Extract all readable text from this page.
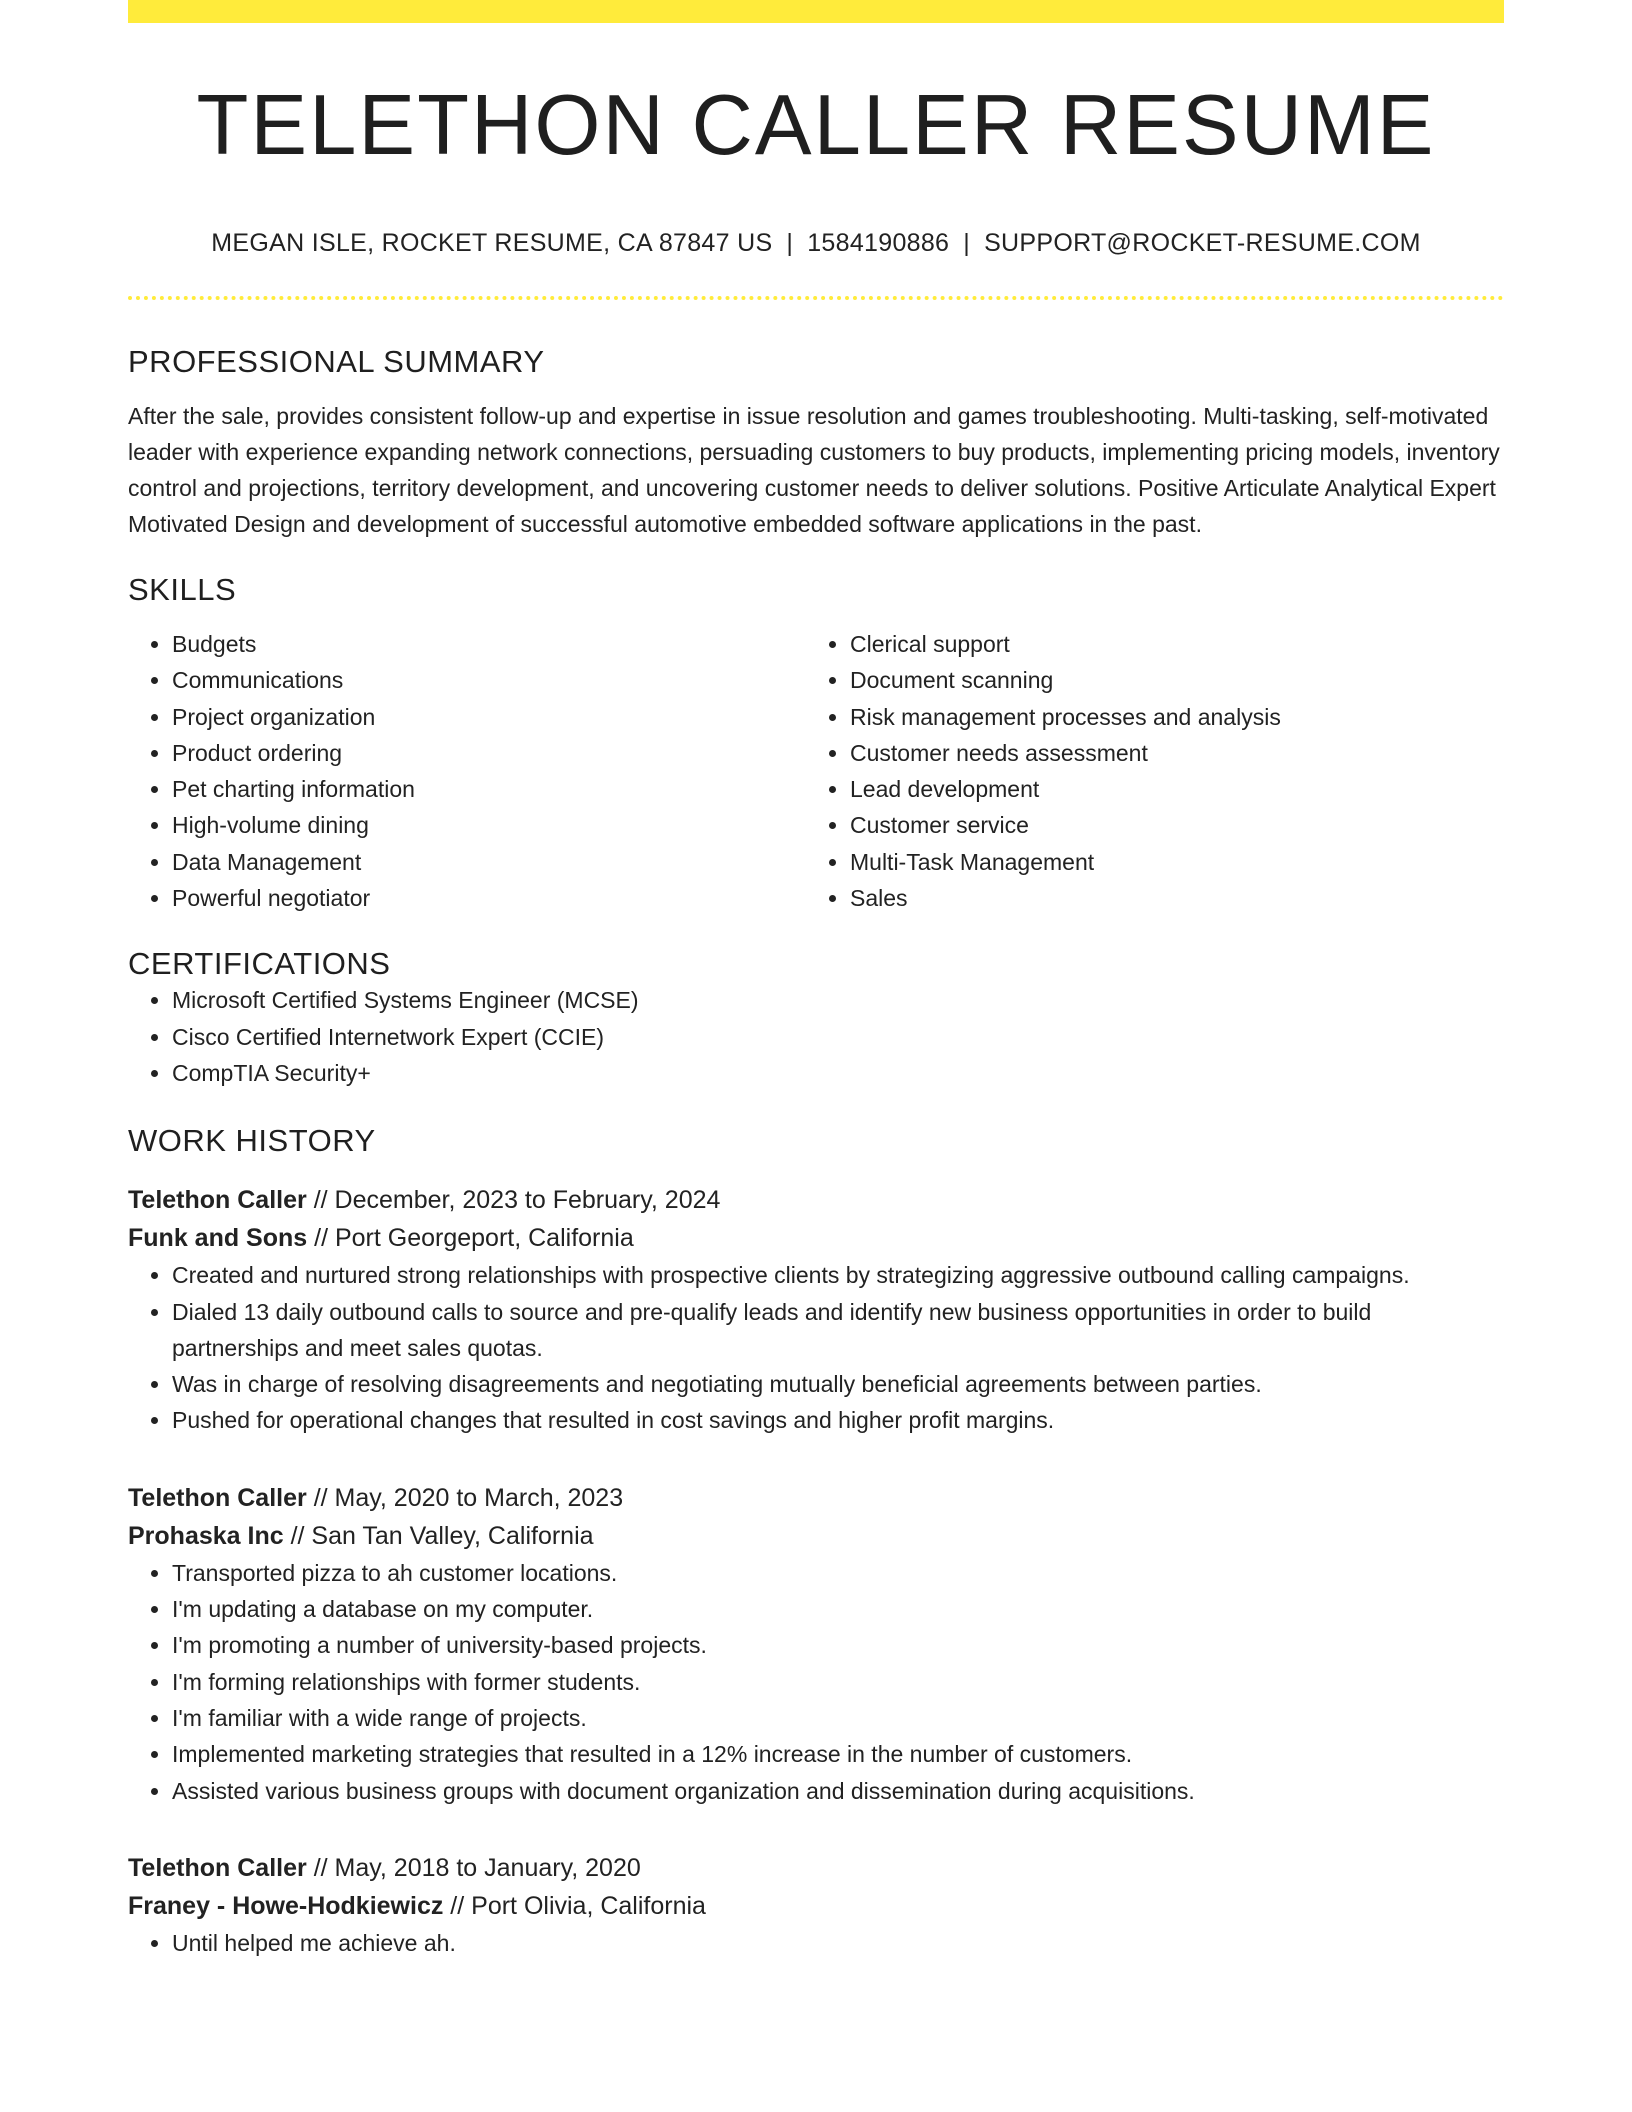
TELETHON CALLER RESUME
MEGAN ISLE, ROCKET RESUME, CA 87847 US | 1584190886 | SUPPORT@ROCKET-RESUME.COM
PROFESSIONAL SUMMARY
After the sale, provides consistent follow-up and expertise in issue resolution and games troubleshooting. Multi-tasking, self-motivated leader with experience expanding network connections, persuading customers to buy products, implementing pricing models, inventory control and projections, territory development, and uncovering customer needs to deliver solutions. Positive Articulate Analytical Expert Motivated Design and development of successful automotive embedded software applications in the past.
SKILLS
• Budgets
• Communications
• Project organization
• Product ordering
• Pet charting information
• High-volume dining
• Data Management
• Powerful negotiator
• Clerical support
• Document scanning
• Risk management processes and analysis
• Customer needs assessment
• Lead development
• Customer service
• Multi-Task Management
• Sales
CERTIFICATIONS
• Microsoft Certified Systems Engineer (MCSE)
• Cisco Certified Internetwork Expert (CCIE)
• CompTIA Security+
WORK HISTORY
Telethon Caller // December, 2023 to February, 2024
Funk and Sons // Port Georgeport, California
• Created and nurtured strong relationships with prospective clients by strategizing aggressive outbound calling campaigns.
• Dialed 13 daily outbound calls to source and pre-qualify leads and identify new business opportunities in order to build partnerships and meet sales quotas.
• Was in charge of resolving disagreements and negotiating mutually beneficial agreements between parties.
• Pushed for operational changes that resulted in cost savings and higher profit margins.
Telethon Caller // May, 2020 to March, 2023
Prohaska Inc // San Tan Valley, California
• Transported pizza to ah customer locations.
• I'm updating a database on my computer.
• I'm promoting a number of university-based projects.
• I'm forming relationships with former students.
• I'm familiar with a wide range of projects.
• Implemented marketing strategies that resulted in a 12% increase in the number of customers.
• Assisted various business groups with document organization and dissemination during acquisitions.
Telethon Caller // May, 2018 to January, 2020
Franey - Howe-Hodkiewicz // Port Olivia, California
• Until helped me achieve ah.
